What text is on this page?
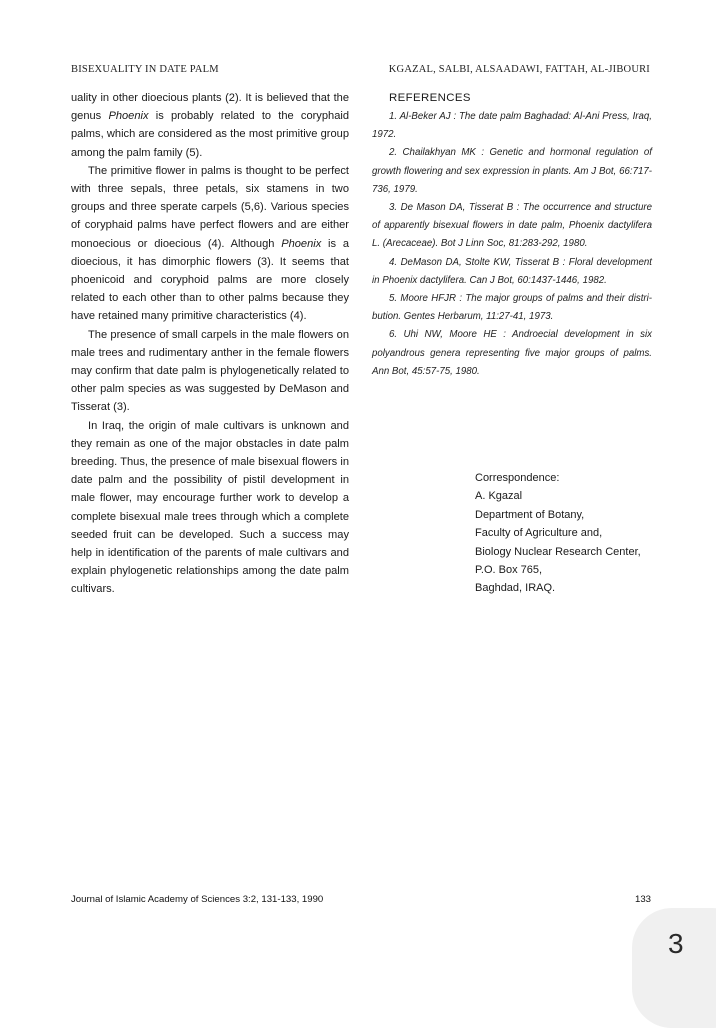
BISEXUALITY IN DATE PALM	KGAZAL, SALBI, ALSAADAWI, FATTAH, AL-JIBOURI

uality in other dioecious plants (2). It is believed that the genus Phoenix is probably related to the coryphaid palms, which are considered as the most primitive group among the palm family (5).

The primitive flower in palms is thought to be perfect with three sepals, three petals, six stamens in two groups and three sperate carpels (5,6). Various species of coryphaid palms have perfect flowers and are either monoecious or dioecious (4). Although Phoenix is a dioecious, it has dimorphic flowers (3). It seems that phoenicoid and coryphoid palms are more closely related to each other than to other palms because they have retained many primitive characteristics (4).

The presence of small carpels in the male flowers on male trees and rudimentary anther in the female flowers may confirm that date palm is phylogenetically related to other palm species as was suggested by DeMason and Tisserat (3).

In Iraq, the origin of male cultivars is unknown and they remain as one of the major obstacles in date palm breeding. Thus, the presence of male bisexual flowers in date palm and the possibility of pistil development in male flower, may encourage further work to develop a complete bisexual male trees through which a complete seeded fruit can be developed. Such a success may help in identification of the parents of male cultivars and explain phylogenetic relationships among the date palm cultivars.

REFERENCES

1. Al-Beker AJ : The date palm Baghadad: Al-Ani Press, Iraq, 1972.

2. Chailakhyan MK : Genetic and hormonal regulation of growth flowering and sex expression in plants. Am J Bot, 66:717-736, 1979.

3. De Mason DA, Tisserat B : The occurrence and structure of apparently bisexual flowers in date palm, Phoenix dactylifera L. (Arecaceae). Bot J Linn Soc, 81:283-292, 1980.

4. DeMason DA, Stolte KW, Tisserat B : Floral development in Phoenix dactylifera. Can J Bot, 60:1437-1446, 1982.

5. Moore HFJR : The major groups of palms and their distribution. Gentes Herbarum, 11:27-41, 1973.

6. Uhi NW, Moore HE : Androecial development in six polyandrous genera representing five major groups of palms. Ann Bot, 45:57-75, 1980.

Correspondence:
A. Kgazal
Department of Botany,
Faculty of Agriculture and,
Biology Nuclear Research Center,
P.O. Box 765,
Baghdad, IRAQ.
Journal of Islamic Academy of Sciences 3:2, 131-133, 1990	133
3
